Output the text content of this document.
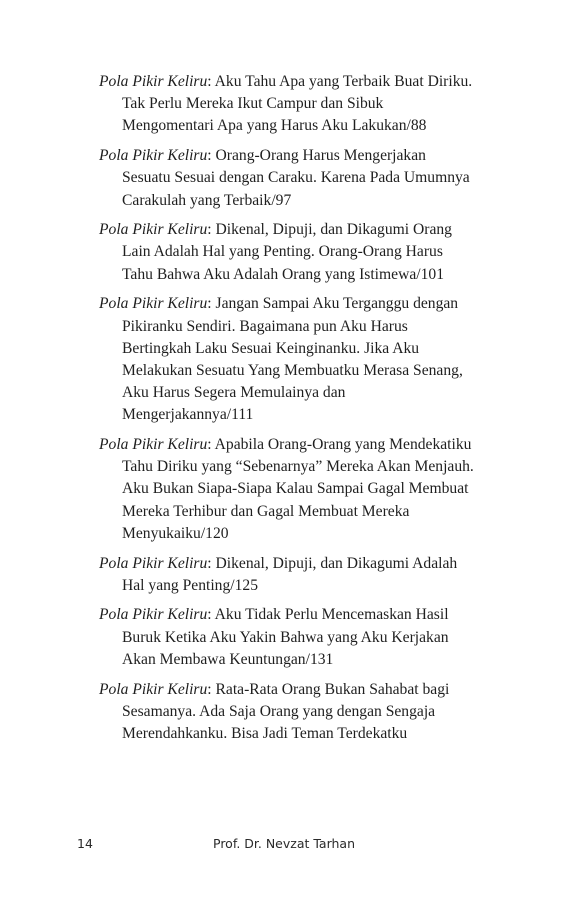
Pola Pikir Keliru: Aku Tahu Apa yang Terbaik Buat Diriku. Tak Perlu Mereka Ikut Campur dan Sibuk Mengomentari Apa yang Harus Aku Lakukan/88

Pola Pikir Keliru: Orang-Orang Harus Mengerjakan Sesuatu Sesuai dengan Caraku. Karena Pada Umumnya Carakulah yang Terbaik/97

Pola Pikir Keliru: Dikenal, Dipuji, dan Dikagumi Orang Lain Adalah Hal yang Penting. Orang-Orang Harus Tahu Bahwa Aku Adalah Orang yang Istimewa/101

Pola Pikir Keliru: Jangan Sampai Aku Terganggu dengan Pikiranku Sendiri. Bagaimana pun Aku Harus Bertingkah Laku Sesuai Keinginanku. Jika Aku Melakukan Sesuatu Yang Membuatku Merasa Senang, Aku Harus Segera Memulainya dan Mengerjakannya/111

Pola Pikir Keliru: Apabila Orang-Orang yang Mendekatiku Tahu Diriku yang “Sebenarnya” Mereka Akan Menjauh. Aku Bukan Siapa-Siapa Kalau Sampai Gagal Membuat Mereka Terhibur dan Gagal Membuat Mereka Menyukaiku/120

Pola Pikir Keliru: Dikenal, Dipuji, dan Dikagumi Adalah Hal yang Penting/125

Pola Pikir Keliru: Aku Tidak Perlu Mencemaskan Hasil Buruk Ketika Aku Yakin Bahwa yang Aku Kerjakan Akan Membawa Keuntungan/131

Pola Pikir Keliru: Rata-Rata Orang Bukan Sahabat bagi Sesamanya. Ada Saja Orang yang dengan Sengaja Merendahkanku. Bisa Jadi Teman Terdekatku

14	Prof. Dr. Nevzat Tarhan
